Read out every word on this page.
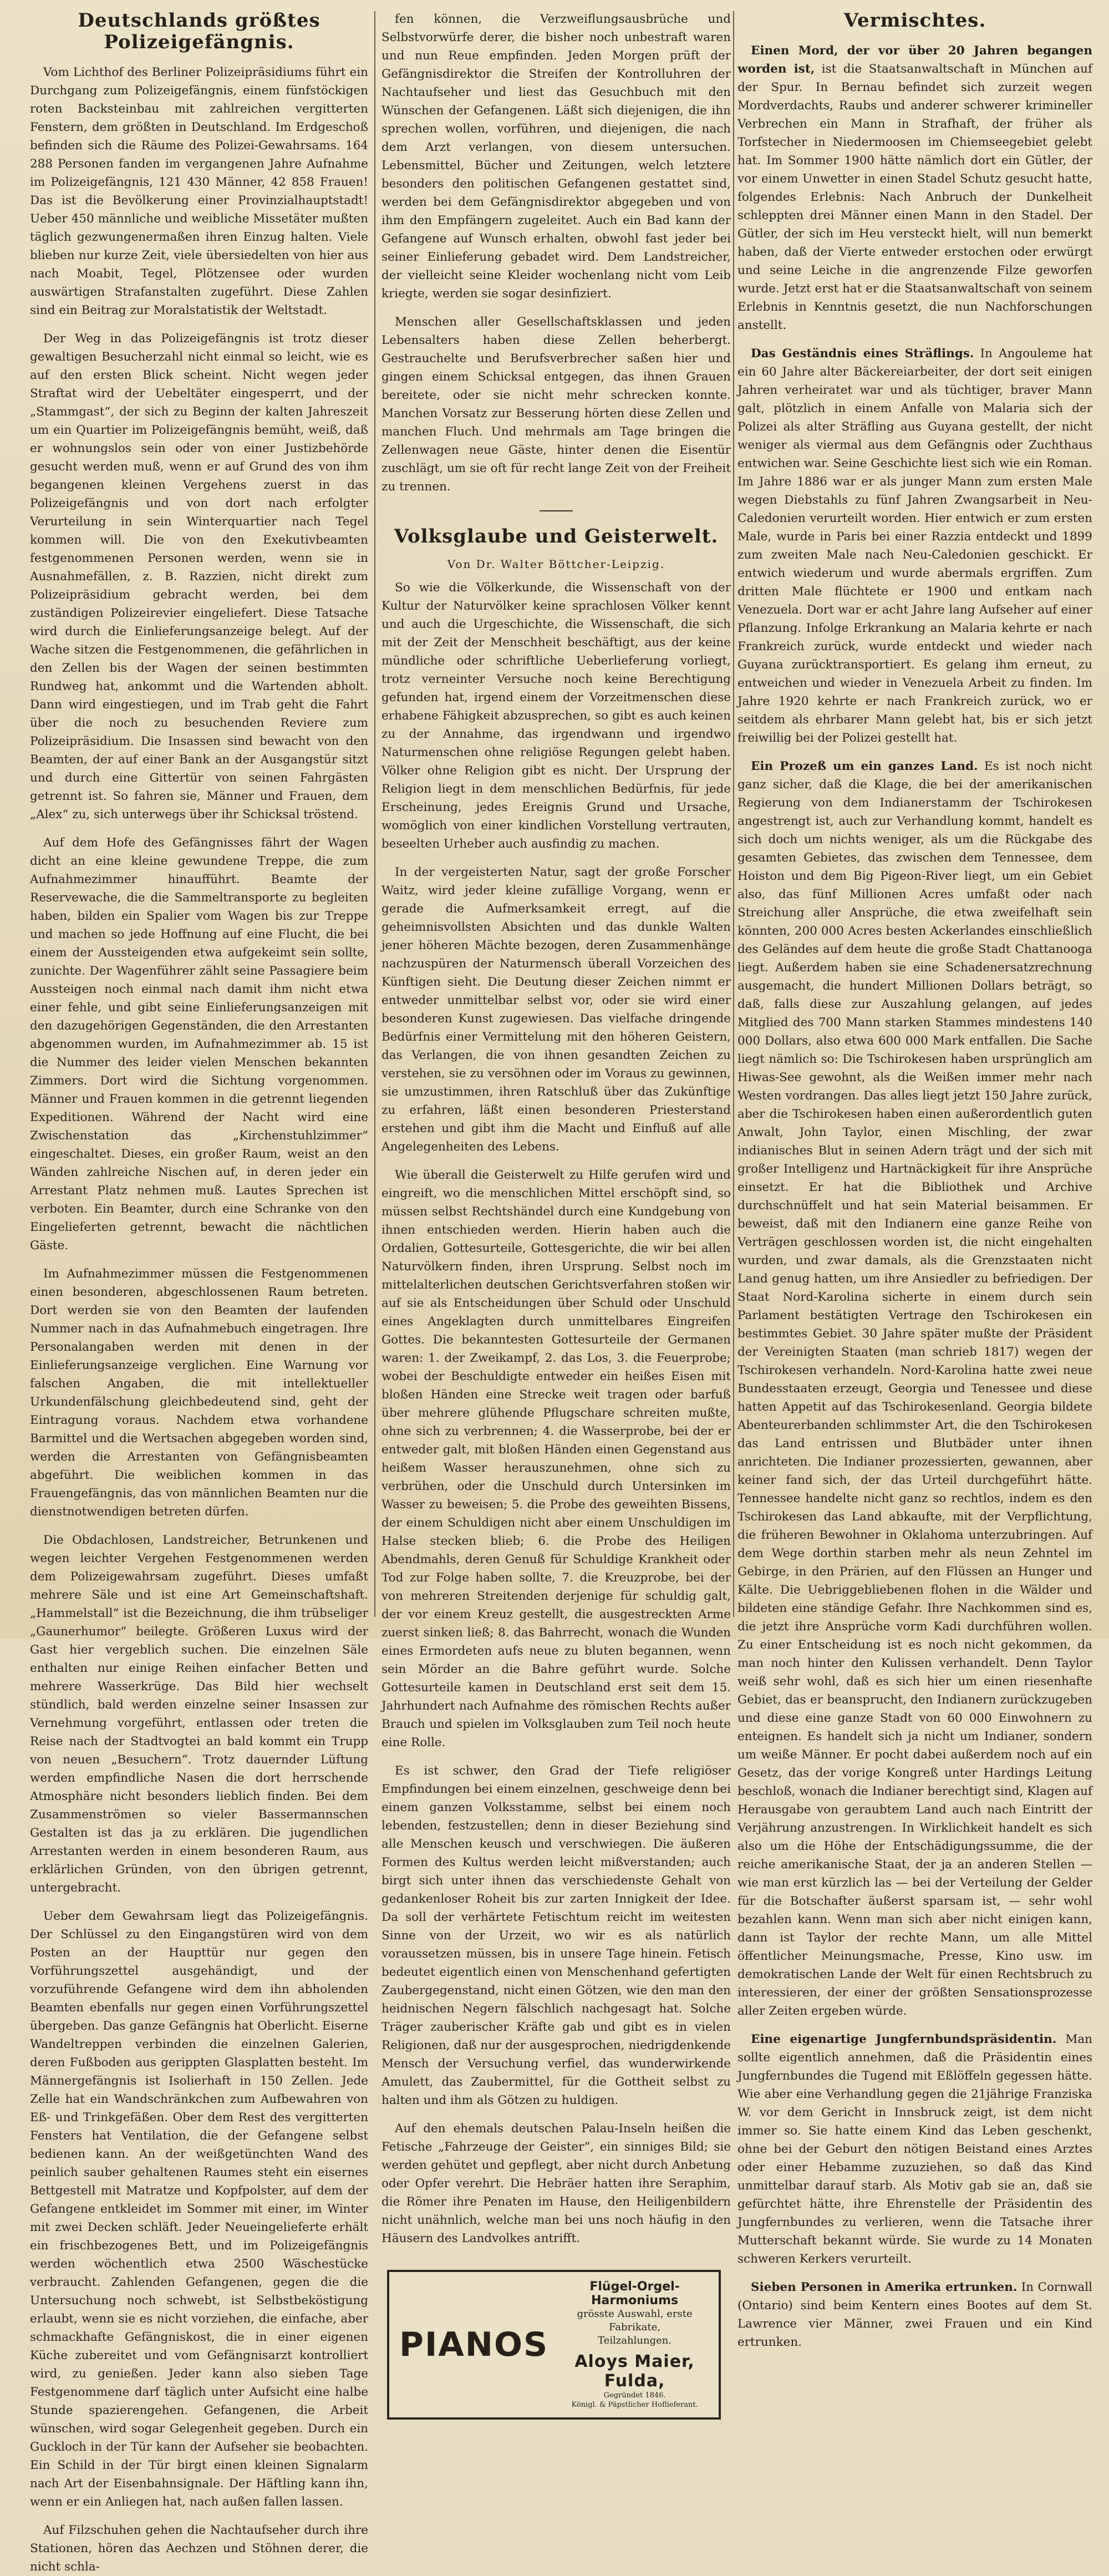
Deutschlands größtes Polizeigefängnis.

Vom Lichthof des Berliner Polizeipräsidiums führt ein Durchgang zum Polizeigefängnis, einem fünfstöckigen roten Backsteinbau mit zahlreichen vergitterten Fenstern, dem größten in Deutschland. Im Erdgeschoß befinden sich die Räume des Polizei-Gewahrsams. 164 288 Personen fanden im vergangenen Jahre Aufnahme im Polizeigefängnis, 121 430 Männer, 42 858 Frauen! Das ist die Bevölkerung einer Provinzialhauptstadt! Ueber 450 männliche und weibliche Missetäter mußten täglich gezwungenermaßen ihren Einzug halten. Viele blieben nur kurze Zeit, viele übersiedelten von hier aus nach Moabit, Tegel, Plötzensee oder wurden auswärtigen Strafanstalten zugeführt. Diese Zahlen sind ein Beitrag zur Moralstatistik der Weltstadt.

Der Weg in das Polizeigefängnis ist trotz dieser gewaltigen Besucherzahl nicht einmal so leicht, wie es auf den ersten Blick scheint. Nicht wegen jeder Straftat wird der Uebeltäter eingesperrt, und der „Stammgast“, der sich zu Beginn der kalten Jahreszeit um ein Quartier im Polizeigefängnis bemüht, weiß, daß er wohnungslos sein oder von einer Justizbehörde gesucht werden muß, wenn er auf Grund des von ihm begangenen kleinen Vergehens zuerst in das Polizeigefängnis und von dort nach erfolgter Verurteilung in sein Winterquartier nach Tegel kommen will. Die von den Exekutivbeamten festgenommenen Personen werden, wenn sie in Ausnahmefällen, z. B. Razzien, nicht direkt zum Polizeipräsidium gebracht werden, bei dem zuständigen Polizeirevier eingeliefert. Diese Tatsache wird durch die Einlieferungsanzeige belegt. Auf der Wache sitzen die Festgenommenen, die gefährlichen in den Zellen bis der Wagen der seinen bestimmten Rundweg hat, ankommt und die Wartenden abholt. Dann wird eingestiegen, und im Trab geht die Fahrt über die noch zu besuchenden Reviere zum Polizeipräsidium. Die Insassen sind bewacht von den Beamten, der auf einer Bank an der Ausgangstür sitzt und durch eine Gittertür von seinen Fahrgästen getrennt ist. So fahren sie, Männer und Frauen, dem „Alex“ zu, sich unterwegs über ihr Schicksal tröstend.

Auf dem Hofe des Gefängnisses fährt der Wagen dicht an eine kleine gewundene Treppe, die zum Aufnahmezimmer hinaufführt. Beamte der Reservewache, die die Sammeltransporte zu begleiten haben, bilden ein Spalier vom Wagen bis zur Treppe und machen so jede Hoffnung auf eine Flucht, die bei einem der Aussteigenden etwa aufgekeimt sein sollte, zunichte. Der Wagenführer zählt seine Passagiere beim Aussteigen noch einmal nach damit ihm nicht etwa einer fehle, und gibt seine Einlieferungsanzeigen mit den dazugehörigen Gegenständen, die den Arrestanten abgenommen wurden, im Aufnahmezimmer ab. 15 ist die Nummer des leider vielen Menschen bekannten Zimmers. Dort wird die Sichtung vorgenommen. Männer und Frauen kommen in die getrennt liegenden Expeditionen. Während der Nacht wird eine Zwischenstation das „Kirchenstuhlzimmer“ eingeschaltet. Dieses, ein großer Raum, weist an den Wänden zahlreiche Nischen auf, in deren jeder ein Arrestant Platz nehmen muß. Lautes Sprechen ist verboten. Ein Beamter, durch eine Schranke von den Eingelieferten getrennt, bewacht die nächtlichen Gäste.

Im Aufnahmezimmer müssen die Festgenommenen einen besonderen, abgeschlossenen Raum betreten. Dort werden sie von den Beamten der laufenden Nummer nach in das Aufnahmebuch eingetragen. Ihre Personalangaben werden mit denen in der Einlieferungsanzeige verglichen. Eine Warnung vor falschen Angaben, die mit intellektueller Urkundenfälschung gleichbedeutend sind, geht der Eintragung voraus. Nachdem etwa vorhandene Barmittel und die Wertsachen abgegeben worden sind, werden die Arrestanten von Gefängnisbeamten abgeführt. Die weiblichen kommen in das Frauengefängnis, das von männlichen Beamten nur die dienstnotwendigen betreten dürfen.

Die Obdachlosen, Landstreicher, Betrunkenen und wegen leichter Vergehen Festgenommenen werden dem Polizeigewahrsam zugeführt. Dieses umfaßt mehrere Säle und ist eine Art Gemeinschaftshaft. „Hammelstall“ ist die Bezeichnung, die ihm trübseliger „Gaunerhumor“ beilegte. Größeren Luxus wird der Gast hier vergeblich suchen. Die einzelnen Säle enthalten nur einige Reihen einfacher Betten und mehrere Wasserkrüge. Das Bild hier wechselt stündlich, bald werden einzelne seiner Insassen zur Vernehmung vorgeführt, entlassen oder treten die Reise nach der Stadtvogtei an bald kommt ein Trupp von neuen „Besuchern“. Trotz dauernder Lüftung werden empfindliche Nasen die dort herrschende Atmosphäre nicht besonders lieblich finden. Bei dem Zusammenströmen so vieler Bassermannschen Gestalten ist das ja zu erklären. Die jugendlichen Arrestanten werden in einem besonderen Raum, aus erklärlichen Gründen, von den übrigen getrennt, untergebracht.

Ueber dem Gewahrsam liegt das Polizeigefängnis. Der Schlüssel zu den Eingangstüren wird von dem Posten an der Haupttür nur gegen den Vorführungszettel ausgehändigt, und der vorzuführende Gefangene wird dem ihn abholenden Beamten ebenfalls nur gegen einen Vorführungszettel übergeben. Das ganze Gefängnis hat Oberlicht. Eiserne Wandeltreppen verbinden die einzelnen Galerien, deren Fußboden aus gerippten Glasplatten besteht. Im Männergefängnis ist Isolierhaft in 150 Zellen. Jede Zelle hat ein Wandschränkchen zum Aufbewahren von Eß- und Trinkgefäßen. Ober dem Rest des vergitterten Fensters hat Ventilation, die der Gefangene selbst bedienen kann. An der weißgetünchten Wand des peinlich sauber gehaltenen Raumes steht ein eisernes Bettgestell mit Matratze und Kopfpolster, auf dem der Gefangene entkleidet im Sommer mit einer, im Winter mit zwei Decken schläft. Jeder Neueingelieferte erhält ein frischbezogenes Bett, und im Polizeigefängnis werden wöchentlich etwa 2500 Wäschestücke verbraucht. Zahlenden Gefangenen, gegen die die Untersuchung noch schwebt, ist Selbstbeköstigung erlaubt, wenn sie es nicht vorziehen, die einfache, aber schmackhafte Gefängniskost, die in einer eigenen Küche zubereitet und vom Gefängnisarzt kontrolliert wird, zu genießen. Jeder kann also sieben Tage Festgenommene darf täglich unter Aufsicht eine halbe Stunde spazierengehen. Gefangenen, die Arbeit wünschen, wird sogar Gelegenheit gegeben. Durch ein Guckloch in der Tür kann der Aufseher sie beobachten. Ein Schild in der Tür birgt einen kleinen Signalarm nach Art der Eisenbahnsignale. Der Häftling kann ihn, wenn er ein Anliegen hat, nach außen fallen lassen.

Auf Filzschuhen gehen die Nachtaufseher durch ihre Stationen, hören das Aechzen und Stöhnen derer, die nicht schla-

fen können, die Verzweiflungsausbrüche und Selbstvorwürfe derer, die bisher noch unbestraft waren und nun Reue empfinden. Jeden Morgen prüft der Gefängnisdirektor die Streifen der Kontrolluhren der Nachtaufseher und liest das Gesuchbuch mit den Wünschen der Gefangenen. Läßt sich diejenigen, die ihn sprechen wollen, vorführen, und diejenigen, die nach dem Arzt verlangen, von diesem untersuchen. Lebensmittel, Bücher und Zeitungen, welch letztere besonders den politischen Gefangenen gestattet sind, werden bei dem Gefängnisdirektor abgegeben und von ihm den Empfängern zugeleitet. Auch ein Bad kann der Gefangene auf Wunsch erhalten, obwohl fast jeder bei seiner Einlieferung gebadet wird. Dem Landstreicher, der vielleicht seine Kleider wochenlang nicht vom Leib kriegte, werden sie sogar desinfiziert.

Menschen aller Gesellschaftsklassen und jeden Lebensalters haben diese Zellen beherbergt. Gestrauchelte und Berufsverbrecher saßen hier und gingen einem Schicksal entgegen, das ihnen Grauen bereitete, oder sie nicht mehr schrecken konnte. Manchen Vorsatz zur Besserung hörten diese Zellen und manchen Fluch. Und mehrmals am Tage bringen die Zellenwagen neue Gäste, hinter denen die Eisentür zuschlägt, um sie oft für recht lange Zeit von der Freiheit zu trennen.

Volksglaube und Geisterwelt.
Von Dr. Walter Böttcher-Leipzig.

So wie die Völkerkunde, die Wissenschaft von der Kultur der Naturvölker keine sprachlosen Völker kennt und auch die Urgeschichte, die Wissenschaft, die sich mit der Zeit der Menschheit beschäftigt, aus der keine mündliche oder schriftliche Ueberlieferung vorliegt, trotz verneinter Versuche noch keine Berechtigung gefunden hat, irgend einem der Vorzeitmenschen diese erhabene Fähigkeit abzusprechen, so gibt es auch keinen zu der Annahme, das irgendwann und irgendwo Naturmenschen ohne religiöse Regungen gelebt haben. Völker ohne Religion gibt es nicht. Der Ursprung der Religion liegt in dem menschlichen Bedürfnis, für jede Erscheinung, jedes Ereignis Grund und Ursache, womöglich von einer kindlichen Vorstellung vertrauten, beseelten Urheber auch ausfindig zu machen.

In der vergeisterten Natur, sagt der große Forscher Waitz, wird jeder kleine zufällige Vorgang, wenn er gerade die Aufmerksamkeit erregt, auf die geheimnisvollsten Absichten und das dunkle Walten jener höheren Mächte bezogen, deren Zusammenhänge nachzuspüren der Naturmensch überall Vorzeichen des Künftigen sieht. Die Deutung dieser Zeichen nimmt er entweder unmittelbar selbst vor, oder sie wird einer besonderen Kunst zugewiesen. Das vielfache dringende Bedürfnis einer Vermittelung mit den höheren Geistern, das Verlangen, die von ihnen gesandten Zeichen zu verstehen, sie zu versöhnen oder im Voraus zu gewinnen, sie umzustimmen, ihren Ratschluß über das Zukünftige zu erfahren, läßt einen besonderen Priesterstand erstehen und gibt ihm die Macht und Einfluß auf alle Angelegenheiten des Lebens.

Wie überall die Geisterwelt zu Hilfe gerufen wird und eingreift, wo die menschlichen Mittel erschöpft sind, so müssen selbst Rechtshändel durch eine Kundgebung von ihnen entschieden werden. Hierin haben auch die Ordalien, Gottesurteile, Gottesgerichte, die wir bei allen Naturvölkern finden, ihren Ursprung. Selbst noch im mittelalterlichen deutschen Gerichtsverfahren stoßen wir auf sie als Entscheidungen über Schuld oder Unschuld eines Angeklagten durch unmittelbares Eingreifen Gottes. Die bekanntesten Gottesurteile der Germanen waren: 1. der Zweikampf, 2. das Los, 3. die Feuerprobe; wobei der Beschuldigte entweder ein heißes Eisen mit bloßen Händen eine Strecke weit tragen oder barfuß über mehrere glühende Pflugschare schreiten mußte, ohne sich zu verbrennen; 4. die Wasserprobe, bei der er entweder galt, mit bloßen Händen einen Gegenstand aus heißem Wasser herauszunehmen, ohne sich zu verbrühen, oder die Unschuld durch Untersinken im Wasser zu beweisen; 5. die Probe des geweihten Bissens, der einem Schuldigen nicht aber einem Unschuldigen im Halse stecken blieb; 6. die Probe des Heiligen Abendmahls, deren Genuß für Schuldige Krankheit oder Tod zur Folge haben sollte, 7. die Kreuzprobe, bei der von mehreren Streitenden derjenige für schuldig galt, der vor einem Kreuz gestellt, die ausgestreckten Arme zuerst sinken ließ; 8. das Bahrrecht, wonach die Wunden eines Ermordeten aufs neue zu bluten begannen, wenn sein Mörder an die Bahre geführt wurde. Solche Gottesurteile kamen in Deutschland erst seit dem 15. Jahrhundert nach Aufnahme des römischen Rechts außer Brauch und spielen im Volksglauben zum Teil noch heute eine Rolle.

Es ist schwer, den Grad der Tiefe religiöser Empfindungen bei einem einzelnen, geschweige denn bei einem ganzen Volksstamme, selbst bei einem noch lebenden, festzustellen; denn in dieser Beziehung sind alle Menschen keusch und verschwiegen. Die äußeren Formen des Kultus werden leicht mißverstanden; auch birgt sich unter ihnen das verschiedenste Gehalt von gedankenloser Roheit bis zur zarten Innigkeit der Idee. Da soll der verhärtete Fetischtum reicht im weitesten Sinne von der Urzeit, wo wir es als natürlich voraussetzen müssen, bis in unsere Tage hinein. Fetisch bedeutet eigentlich einen von Menschenhand gefertigten Zaubergegenstand, nicht einen Götzen, wie den man den heidnischen Negern fälschlich nachgesagt hat. Solche Träger zauberischer Kräfte gab und gibt es in vielen Religionen, daß nur der ausgesprochen, niedrigdenkende Mensch der Versuchung verfiel, das wunderwirkende Amulett, das Zaubermittel, für die Gottheit selbst zu halten und ihm als Götzen zu huldigen.

Auf den ehemals deutschen Palau-Inseln heißen die Fetische „Fahrzeuge der Geister“, ein sinniges Bild; sie werden gehütet und gepflegt, aber nicht durch Anbetung oder Opfer verehrt. Die Hebräer hatten ihre Seraphim, die Römer ihre Penaten im Hause, den Heiligenbildern nicht unähnlich, welche man bei uns noch häufig in den Häusern des Landvolkes antrifft.

PIANOS
Flügel-Orgel-Harmoniums
grösste Auswahl, erste Fabrikate,
Teilzahlungen.
Aloys Maier, Fulda,
Gegründet 1846.
Königl. & Päpstlicher Hoflieferant.
Vermischtes.

Einen Mord, der vor über 20 Jahren begangen worden ist, ist die Staatsanwaltschaft in München auf der Spur. In Bernau befindet sich zurzeit wegen Mordverdachts, Raubs und anderer schwerer krimineller Verbrechen ein Mann in Strafhaft, der früher als Torfstecher in Niedermoosen im Chiemseegebiet gelebt hat. Im Sommer 1900 hätte nämlich dort ein Gütler, der vor einem Unwetter in einen Stadel Schutz gesucht hatte, folgendes Erlebnis: Nach Anbruch der Dunkelheit schleppten drei Männer einen Mann in den Stadel. Der Gütler, der sich im Heu versteckt hielt, will nun bemerkt haben, daß der Vierte entweder erstochen oder erwürgt und seine Leiche in die angrenzende Filze geworfen wurde. Jetzt erst hat er die Staatsanwaltschaft von seinem Erlebnis in Kenntnis gesetzt, die nun Nachforschungen anstellt.

Das Geständnis eines Sträflings. In Angouleme hat ein 60 Jahre alter Bäckereiarbeiter, der dort seit einigen Jahren verheiratet war und als tüchtiger, braver Mann galt, plötzlich in einem Anfalle von Malaria sich der Polizei als alter Sträfling aus Guyana gestellt, der nicht weniger als viermal aus dem Gefängnis oder Zuchthaus entwichen war. Seine Geschichte liest sich wie ein Roman. Im Jahre 1886 war er als junger Mann zum ersten Male wegen Diebstahls zu fünf Jahren Zwangsarbeit in Neu-Caledonien verurteilt worden. Hier entwich er zum ersten Male, wurde in Paris bei einer Razzia entdeckt und 1899 zum zweiten Male nach Neu-Caledonien geschickt. Er entwich wiederum und wurde abermals ergriffen. Zum dritten Male flüchtete er 1900 und entkam nach Venezuela. Dort war er acht Jahre lang Aufseher auf einer Pflanzung. Infolge Erkrankung an Malaria kehrte er nach Frankreich zurück, wurde entdeckt und wieder nach Guyana zurücktransportiert. Es gelang ihm erneut, zu entweichen und wieder in Venezuela Arbeit zu finden. Im Jahre 1920 kehrte er nach Frankreich zurück, wo er seitdem als ehrbarer Mann gelebt hat, bis er sich jetzt freiwillig bei der Polizei gestellt hat.

Ein Prozeß um ein ganzes Land. Es ist noch nicht ganz sicher, daß die Klage, die bei der amerikanischen Regierung von dem Indianerstamm der Tschirokesen angestrengt ist, auch zur Verhandlung kommt, handelt es sich doch um nichts weniger, als um die Rückgabe des gesamten Gebietes, das zwischen dem Tennessee, dem Hoiston und dem Big Pigeon-River liegt, um ein Gebiet also, das fünf Millionen Acres umfaßt oder nach Streichung aller Ansprüche, die etwa zweifelhaft sein könnten, 200 000 Acres besten Ackerlandes einschließlich des Geländes auf dem heute die große Stadt Chattanooga liegt. Außerdem haben sie eine Schadenersatzrechnung ausgemacht, die hundert Millionen Dollars beträgt, so daß, falls diese zur Auszahlung gelangen, auf jedes Mitglied des 700 Mann starken Stammes mindestens 140 000 Dollars, also etwa 600 000 Mark entfallen. Die Sache liegt nämlich so: Die Tschirokesen haben ursprünglich am Hiwas-See gewohnt, als die Weißen immer mehr nach Westen vordrangen. Das alles liegt jetzt 150 Jahre zurück, aber die Tschirokesen haben einen außerordentlich guten Anwalt, John Taylor, einen Mischling, der zwar indianisches Blut in seinen Adern trägt und der sich mit großer Intelligenz und Hartnäckigkeit für ihre Ansprüche einsetzt. Er hat die Bibliothek und Archive durchschnüffelt und hat sein Material beisammen. Er beweist, daß mit den Indianern eine ganze Reihe von Verträgen geschlossen worden ist, die nicht eingehalten wurden, und zwar damals, als die Grenzstaaten nicht Land genug hatten, um ihre Ansiedler zu befriedigen. Der Staat Nord-Karolina sicherte in einem durch sein Parlament bestätigten Vertrage den Tschirokesen ein bestimmtes Gebiet. 30 Jahre später mußte der Präsident der Vereinigten Staaten (man schrieb 1817) wegen der Tschirokesen verhandeln. Nord-Karolina hatte zwei neue Bundesstaaten erzeugt, Georgia und Tenessee und diese hatten Appetit auf das Tschirokesenland. Georgia bildete Abenteurerbanden schlimmster Art, die den Tschirokesen das Land entrissen und Blutbäder unter ihnen anrichteten. Die Indianer prozessierten, gewannen, aber keiner fand sich, der das Urteil durchgeführt hätte. Tennessee handelte nicht ganz so rechtlos, indem es den Tschirokesen das Land abkaufte, mit der Verpflichtung, die früheren Bewohner in Oklahoma unterzubringen. Auf dem Wege dorthin starben mehr als neun Zehntel im Gebirge, in den Prärien, auf den Flüssen an Hunger und Kälte. Die Uebriggebliebenen flohen in die Wälder und bildeten eine ständige Gefahr. Ihre Nachkommen sind es, die jetzt ihre Ansprüche vorm Kadi durchführen wollen. Zu einer Entscheidung ist es noch nicht gekommen, da man noch hinter den Kulissen verhandelt. Denn Taylor weiß sehr wohl, daß es sich hier um einen riesenhafte Gebiet, das er beansprucht, den Indianern zurückzugeben und diese eine ganze Stadt von 60 000 Einwohnern zu enteignen. Es handelt sich ja nicht um Indianer, sondern um weiße Männer. Er pocht dabei außerdem noch auf ein Gesetz, das der vorige Kongreß unter Hardings Leitung beschloß, wonach die Indianer berechtigt sind, Klagen auf Herausgabe von geraubtem Land auch nach Eintritt der Verjährung anzustrengen. In Wirklichkeit handelt es sich also um die Höhe der Entschädigungssumme, die der reiche amerikanische Staat, der ja an anderen Stellen — wie man erst kürzlich las — bei der Verteilung der Gelder für die Botschafter äußerst sparsam ist, — sehr wohl bezahlen kann. Wenn man sich aber nicht einigen kann, dann ist Taylor der rechte Mann, um alle Mittel öffentlicher Meinungsmache, Presse, Kino usw. im demokratischen Lande der Welt für einen Rechtsbruch zu interessieren, der einer der größten Sensationsprozesse aller Zeiten ergeben würde.

Eine eigenartige Jungfernbundspräsidentin. Man sollte eigentlich annehmen, daß die Präsidentin eines Jungfernbundes die Tugend mit Eßlöffeln gegessen hätte. Wie aber eine Verhandlung gegen die 21jährige Franziska W. vor dem Gericht in Innsbruck zeigt, ist dem nicht immer so. Sie hatte einem Kind das Leben geschenkt, ohne bei der Geburt den nötigen Beistand eines Arztes oder einer Hebamme zuzuziehen, so daß das Kind unmittelbar darauf starb. Als Motiv gab sie an, daß sie gefürchtet hätte, ihre Ehrenstelle der Präsidentin des Jungfernbundes zu verlieren, wenn die Tatsache ihrer Mutterschaft bekannt würde. Sie wurde zu 14 Monaten schweren Kerkers verurteilt.

Sieben Personen in Amerika ertrunken. In Cornwall (Ontario) sind beim Kentern eines Bootes auf dem St. Lawrence vier Männer, zwei Frauen und ein Kind ertrunken.
